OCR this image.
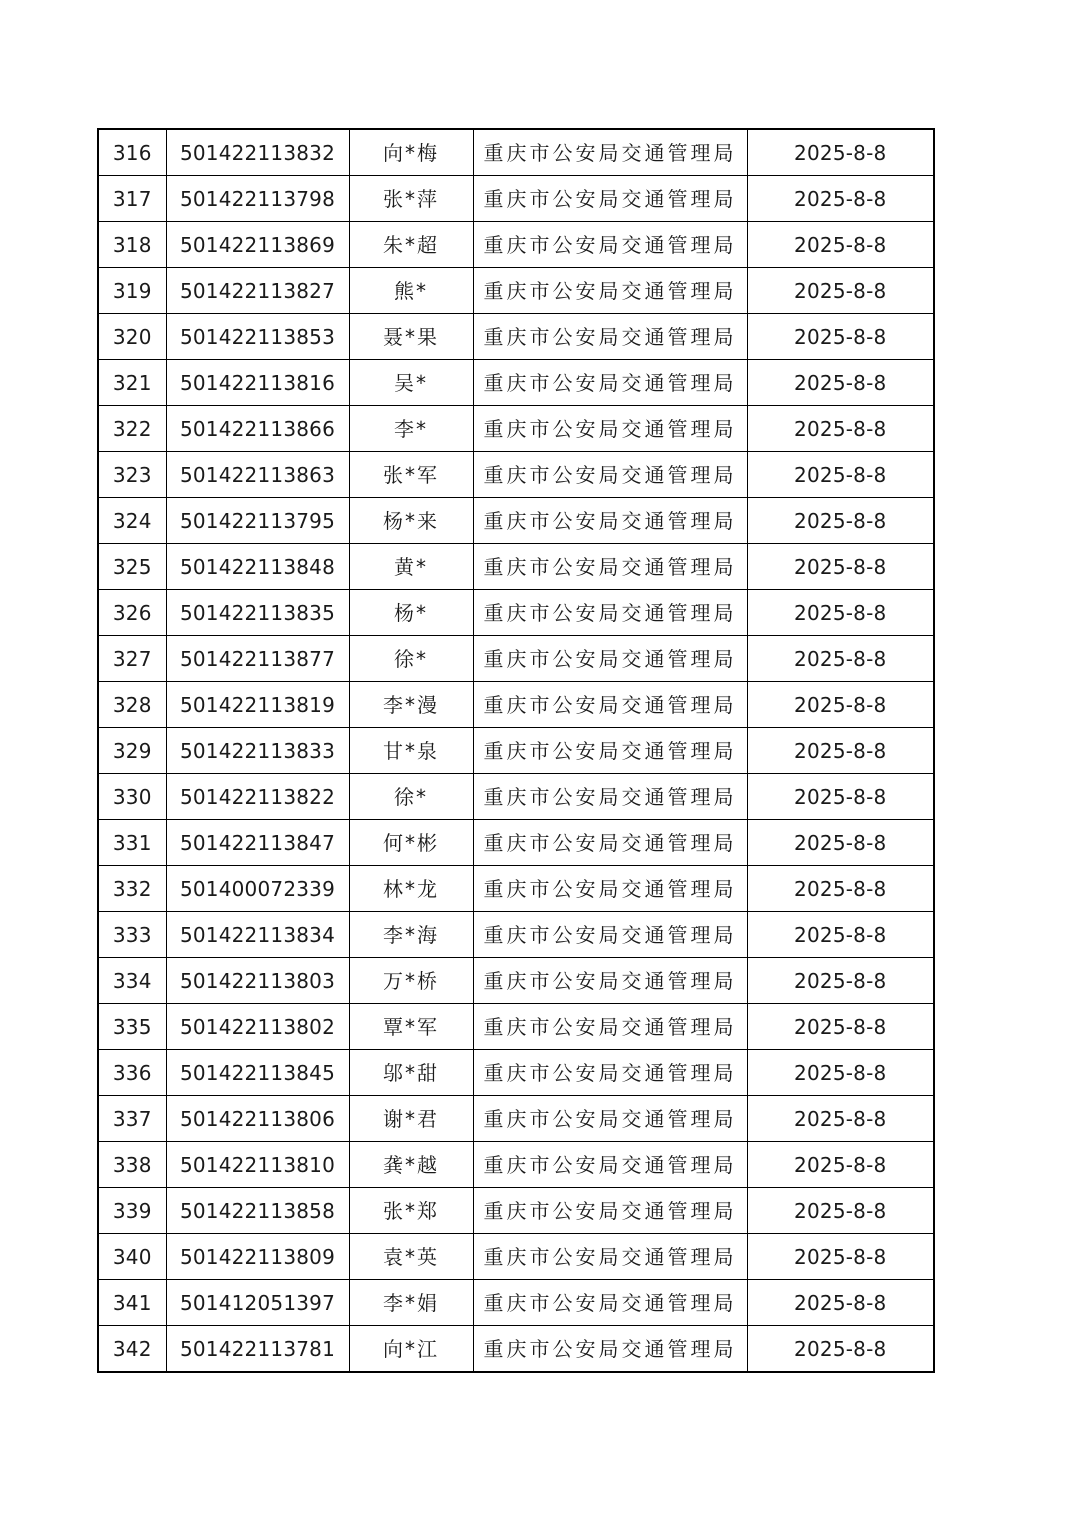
316	501422113832	向*梅	重庆市公安局交通管理局	2025-8-8
317	501422113798	张*萍	重庆市公安局交通管理局	2025-8-8
318	501422113869	朱*超	重庆市公安局交通管理局	2025-8-8
319	501422113827	熊*	重庆市公安局交通管理局	2025-8-8
320	501422113853	聂*果	重庆市公安局交通管理局	2025-8-8
321	501422113816	吴*	重庆市公安局交通管理局	2025-8-8
322	501422113866	李*	重庆市公安局交通管理局	2025-8-8
323	501422113863	张*军	重庆市公安局交通管理局	2025-8-8
324	501422113795	杨*来	重庆市公安局交通管理局	2025-8-8
325	501422113848	黄*	重庆市公安局交通管理局	2025-8-8
326	501422113835	杨*	重庆市公安局交通管理局	2025-8-8
327	501422113877	徐*	重庆市公安局交通管理局	2025-8-8
328	501422113819	李*漫	重庆市公安局交通管理局	2025-8-8
329	501422113833	甘*泉	重庆市公安局交通管理局	2025-8-8
330	501422113822	徐*	重庆市公安局交通管理局	2025-8-8
331	501422113847	何*彬	重庆市公安局交通管理局	2025-8-8
332	501400072339	林*龙	重庆市公安局交通管理局	2025-8-8
333	501422113834	李*海	重庆市公安局交通管理局	2025-8-8
334	501422113803	万*桥	重庆市公安局交通管理局	2025-8-8
335	501422113802	覃*军	重庆市公安局交通管理局	2025-8-8
336	501422113845	邬*甜	重庆市公安局交通管理局	2025-8-8
337	501422113806	谢*君	重庆市公安局交通管理局	2025-8-8
338	501422113810	龚*越	重庆市公安局交通管理局	2025-8-8
339	501422113858	张*郑	重庆市公安局交通管理局	2025-8-8
340	501422113809	袁*英	重庆市公安局交通管理局	2025-8-8
341	501412051397	李*娟	重庆市公安局交通管理局	2025-8-8
342	501422113781	向*江	重庆市公安局交通管理局	2025-8-8
